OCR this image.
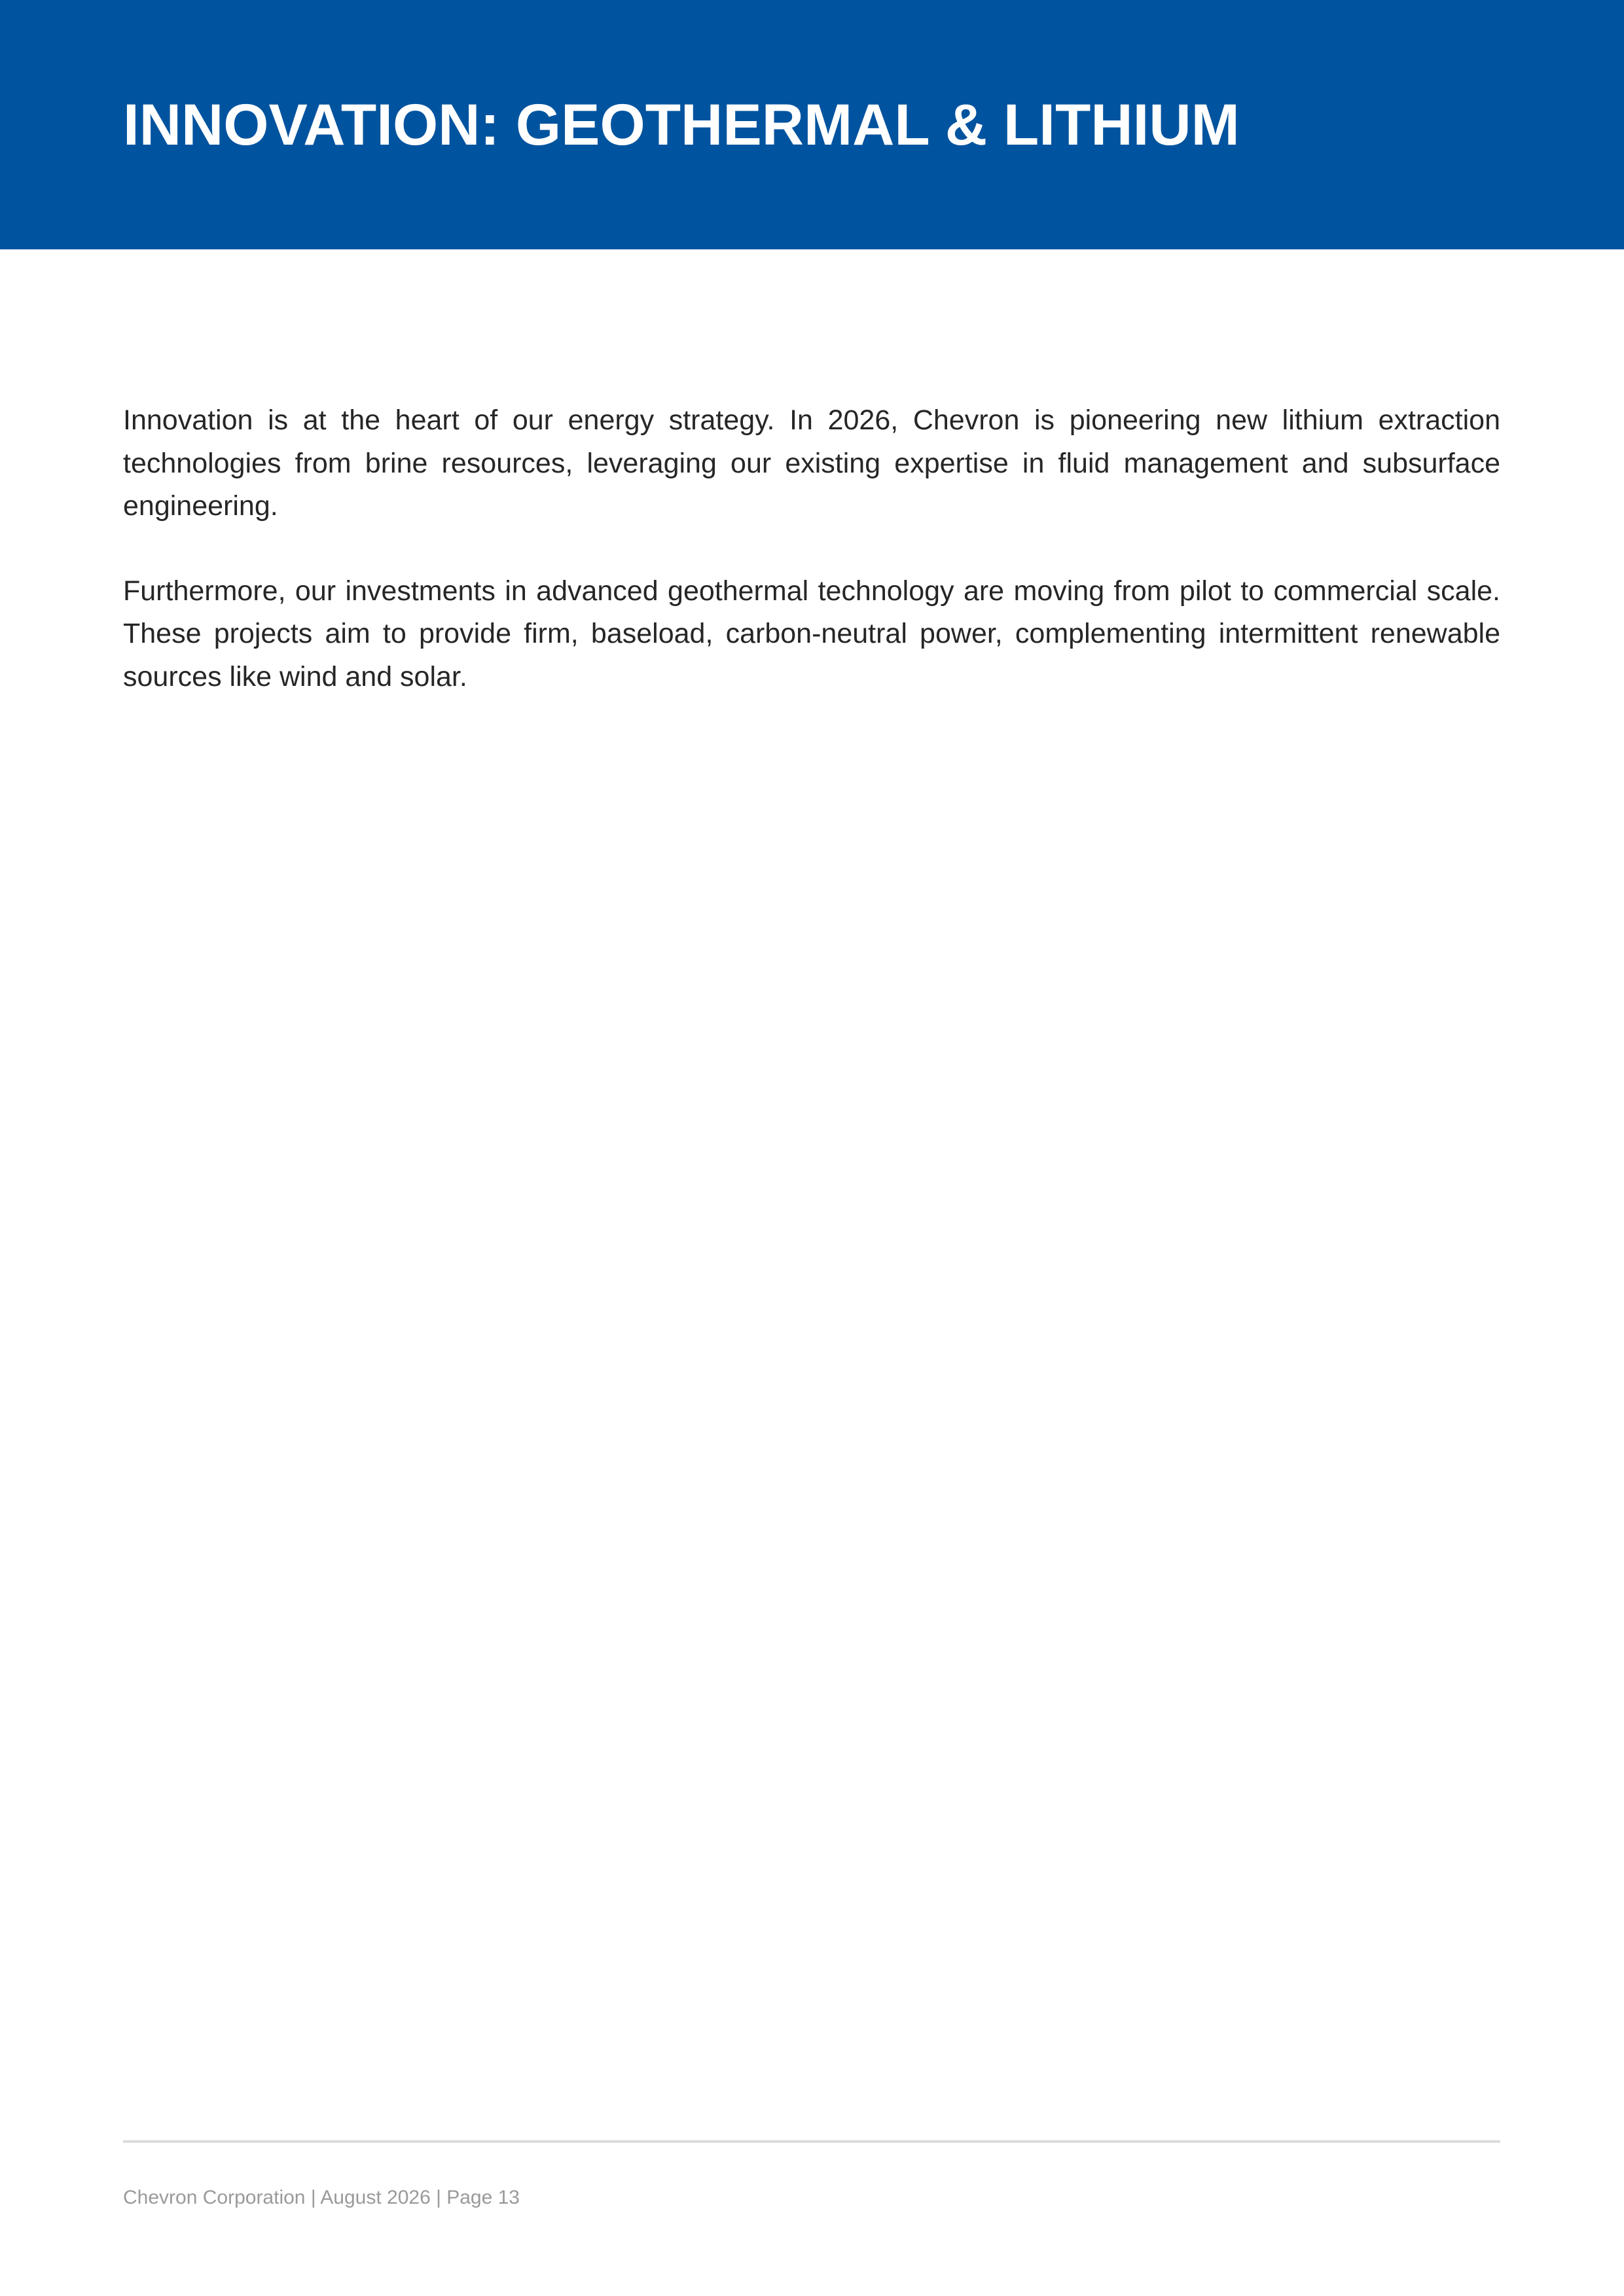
INNOVATION: GEOTHERMAL & LITHIUM

Innovation is at the heart of our energy strategy. In 2026, Chevron is pioneering new lithium extraction technologies from brine resources, leveraging our existing expertise in fluid management and subsurface engineering.

Furthermore, our investments in advanced geothermal technology are moving from pilot to commercial scale. These projects aim to provide firm, baseload, carbon-neutral power, complementing intermittent renewable sources like wind and solar.

Chevron Corporation | August 2026 | Page 13
